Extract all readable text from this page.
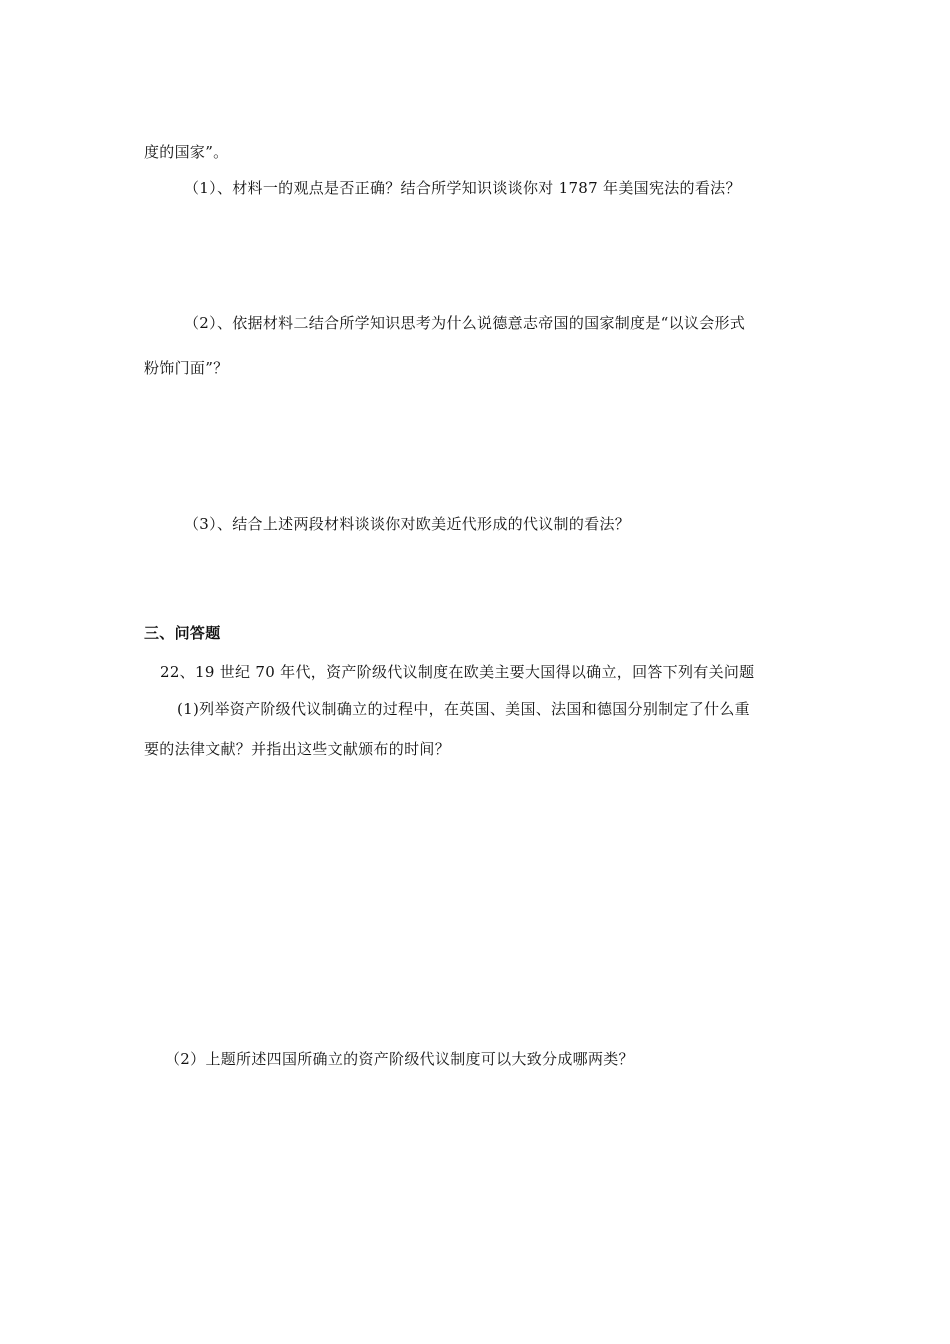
度的国家”。

（1）、材料一的观点是否正确？结合所学知识谈谈你对 1787 年美国宪法的看法？

（2）、依据材料二结合所学知识思考为什么说德意志帝国的国家制度是“以议会形式

粉饰门面”？

（3）、结合上述两段材料谈谈你对欧美近代形成的代议制的看法？

三、问答题

22、19 世纪 70 年代，资产阶级代议制度在欧美主要大国得以确立，回答下列有关问题

(1)列举资产阶级代议制确立的过程中，在英国、美国、法国和德国分别制定了什么重

要的法律文献？并指出这些文献颁布的时间？

（2）上题所述四国所确立的资产阶级代议制度可以大致分成哪两类？
